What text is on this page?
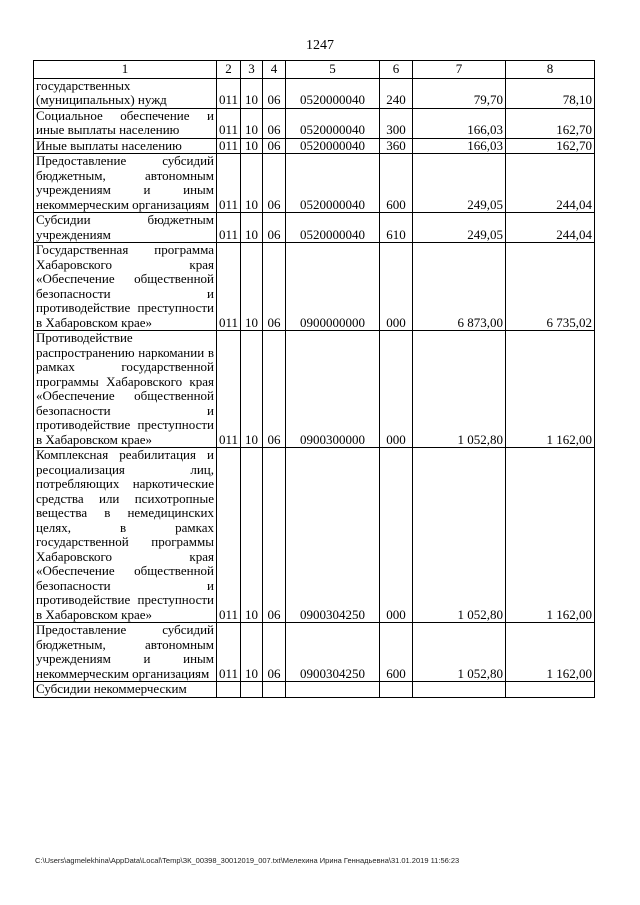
1247
1	2	3	4	5	6	7	8
государственных (муниципальных) нужд	011	10	06	0520000040	240	79,70	78,10
Социальное обеспечение и иные выплаты населению	011	10	06	0520000040	300	166,03	162,70
Иные выплаты населению	011	10	06	0520000040	360	166,03	162,70
Предоставление субсидий бюджетным, автономным учреждениям и иным некоммерческим организациям	011	10	06	0520000040	600	249,05	244,04
Субсидии бюджетным учреждениям	011	10	06	0520000040	610	249,05	244,04
Государственная программа Хабаровского края «Обеспечение общественной безопасности и противодействие преступности в Хабаровском крае»	011	10	06	0900000000	000	6 873,00	6 735,02
Противодействие распространению наркомании в рамках государственной программы Хабаровского края «Обеспечение общественной безопасности и противодействие преступности в Хабаровском крае»	011	10	06	0900300000	000	1 052,80	1 162,00
Комплексная реабилитация и ресоциализация лиц, потребляющих наркотические средства или психотропные вещества в немедицинских целях, в рамках государственной программы Хабаровского края «Обеспечение общественной безопасности и противодействие преступности в Хабаровском крае»	011	10	06	0900304250	000	1 052,80	1 162,00
Предоставление субсидий бюджетным, автономным учреждениям и иным некоммерческим организациям	011	10	06	0900304250	600	1 052,80	1 162,00
Субсидии некоммерческим							
C:\Users\agmelekhina\AppData\Local\Temp\ЗК_00398_30012019_007.txt\Мелехина Ирина Геннадьевна\31.01.2019 11:56:23
